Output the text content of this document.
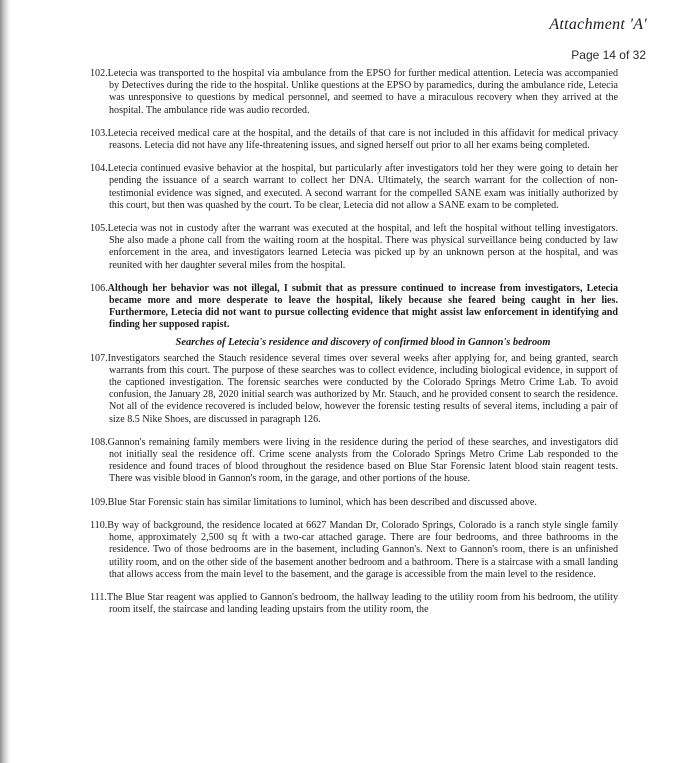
Attachment 'A'
Page 14 of 32

102.Letecia was transported to the hospital via ambulance from the EPSO for further medical attention. Letecia was accompanied by Detectives during the ride to the hospital. Unlike questions at the EPSO by paramedics, during the ambulance ride, Letecia was unresponsive to questions by medical personnel, and seemed to have a miraculous recovery when they arrived at the hospital. The ambulance ride was audio recorded.

103.Letecia received medical care at the hospital, and the details of that care is not included in this affidavit for medical privacy reasons. Letecia did not have any life-threatening issues, and signed herself out prior to all her exams being completed.

104.Letecia continued evasive behavior at the hospital, but particularly after investigators told her they were going to detain her pending the issuance of a search warrant to collect her DNA. Ultimately, the search warrant for the collection of non-testimonial evidence was signed, and executed. A second warrant for the compelled SANE exam was initially authorized by this court, but then was quashed by the court. To be clear, Letecia did not allow a SANE exam to be completed.

105.Letecia was not in custody after the warrant was executed at the hospital, and left the hospital without telling investigators. She also made a phone call from the waiting room at the hospital. There was physical surveillance being conducted by law enforcement in the area, and investigators learned Letecia was picked up by an unknown person at the hospital, and was reunited with her daughter several miles from the hospital.

106.Although her behavior was not illegal, I submit that as pressure continued to increase from investigators, Letecia became more and more desperate to leave the hospital, likely because she feared being caught in her lies. Furthermore, Letecia did not want to pursue collecting evidence that might assist law enforcement in identifying and finding her supposed rapist.

Searches of Letecia's residence and discovery of confirmed blood in Gannon's bedroom

107.Investigators searched the Stauch residence several times over several weeks after applying for, and being granted, search warrants from this court. The purpose of these searches was to collect evidence, including biological evidence, in support of the captioned investigation. The forensic searches were conducted by the Colorado Springs Metro Crime Lab. To avoid confusion, the January 28, 2020 initial search was authorized by Mr. Stauch, and he provided consent to search the residence. Not all of the evidence recovered is included below, however the forensic testing results of several items, including a pair of size 8.5 Nike Shoes, are discussed in paragraph 126.

108.Gannon's remaining family members were living in the residence during the period of these searches, and investigators did not initially seal the residence off. Crime scene analysts from the Colorado Springs Metro Crime Lab responded to the residence and found traces of blood throughout the residence based on Blue Star Forensic latent blood stain reagent tests. There was visible blood in Gannon's room, in the garage, and other portions of the house.

109.Blue Star Forensic stain has similar limitations to luminol, which has been described and discussed above.

110.By way of background, the residence located at 6627 Mandan Dr, Colorado Springs, Colorado is a ranch style single family home, approximately 2,500 sq ft with a two-car attached garage. There are four bedrooms, and three bathrooms in the residence. Two of those bedrooms are in the basement, including Gannon's. Next to Gannon's room, there is an unfinished utility room, and on the other side of the basement another bedroom and a bathroom. There is a staircase with a small landing that allows access from the main level to the basement, and the garage is accessible from the main level to the residence.

111.The Blue Star reagent was applied to Gannon's bedroom, the hallway leading to the utility room from his bedroom, the utility room itself, the staircase and landing leading upstairs from the utility room, the
